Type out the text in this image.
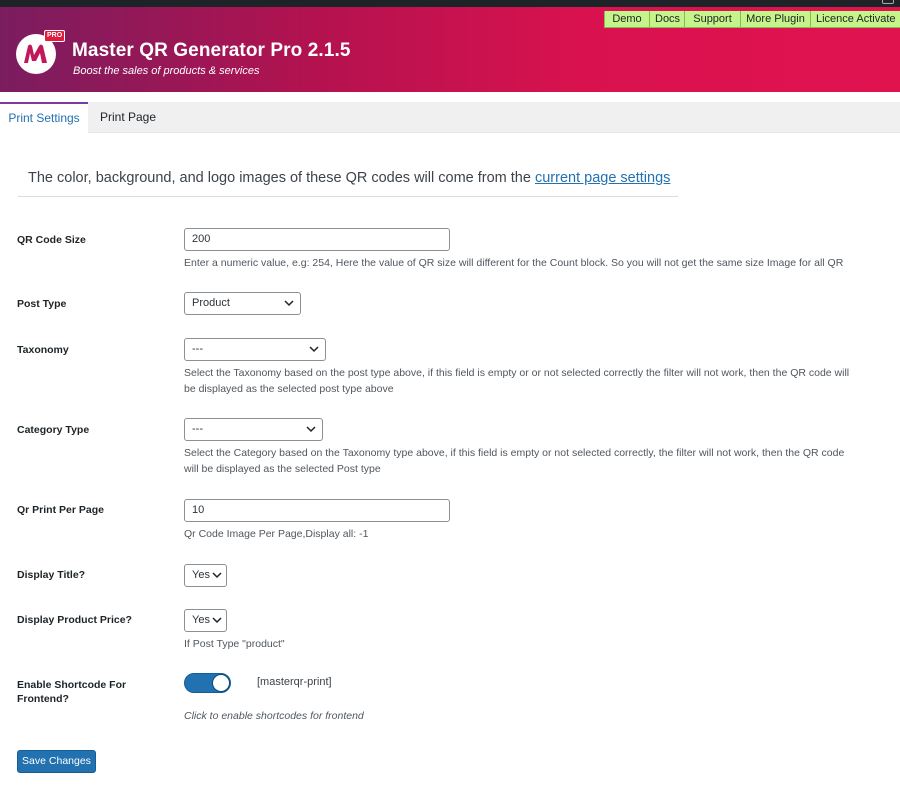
PRO
Master QR Generator Pro 2.1.5
Boost the sales of products & services
Demo	Docs	Support	More Plugin	Licence Activate
Print Settings	Print Page
The color, background, and logo images of these QR codes will come from the current page settings
QR Code Size	200
Enter a numeric value, e.g: 254, Here the value of QR size will different for the Count block. So you will not get the same size Image for all QR
Post Type	Product
Taxonomy	---
Select the Taxonomy based on the post type above, if this field is empty or or not selected correctly the filter will not work, then the QR code will
be displayed as the selected post type above
Category Type	---
Select the Category based on the Taxonomy type above, if this field is empty or not selected correctly, the filter will not work, then the QR code
will be displayed as the selected Post type
Qr Print Per Page	10
Qr Code Image Per Page,Display all: -1
Display Title?	Yes
Display Product Price?	Yes
If Post Type "product"
Enable Shortcode For
Frontend?
[masterqr-print]
Click to enable shortcodes for frontend
Save Changes
